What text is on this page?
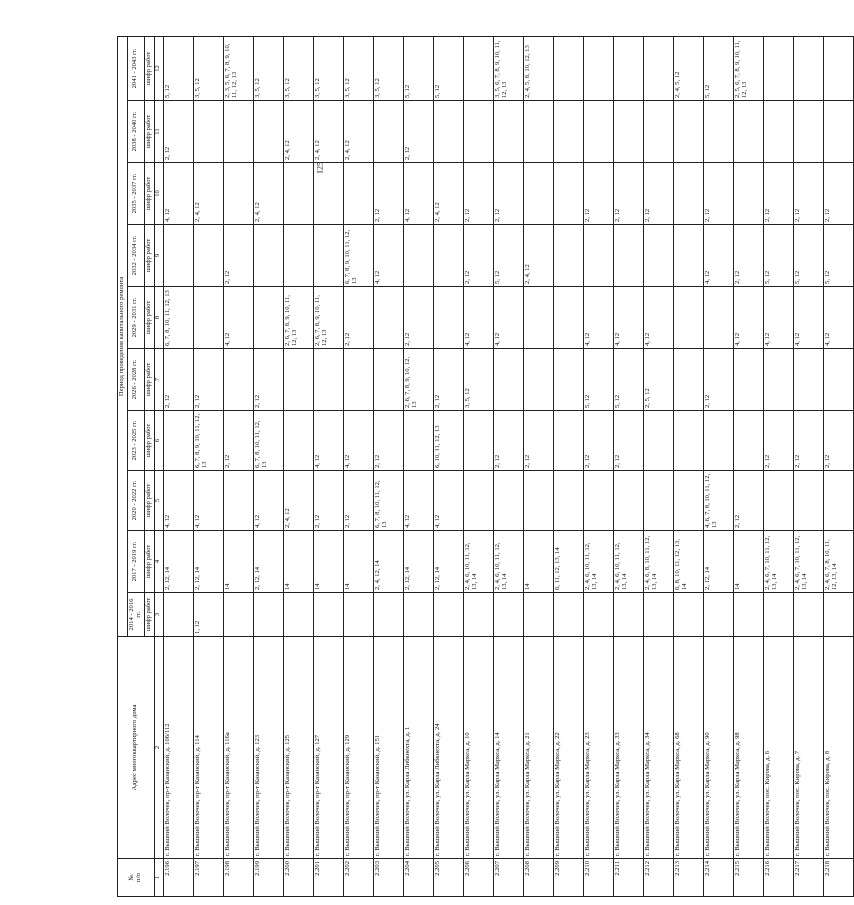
125
№
п/п	Адрес многоквартирного дома	Период проведения капитального ремонта									
		2014 - 2016 гг.	2017 - 2019 гг.	2020 - 2022 гг.	2023 - 2025 гг.	2026 - 2028 гг.	2029 - 2031 гг.	2032 - 2034 гг.	2035 - 2037 гг.	2038 - 2040 гг.	2041 - 2043 гг.
		шифр работ	шифр работ	шифр работ	шифр работ	шифр работ	шифр работ	шифр работ	шифр работ	шифр работ	шифр работ
1	2	3	4	5	6	7	8	9	10	11	12
2.196	г. Вышний Волочек, пр-т Казанский, д. 106/112		2, 12, 14	4, 12		2, 12	6, 7, 8, 10, 11, 12, 13		4, 12	2, 12	5, 12
2.197	г. Вышний Волочек, пр-т Казанский, д. 114	1, 12	2, 12, 14	4, 12	6, 7, 8, 9, 10, 11, 12, 13	2, 12			2, 4, 12		3, 5, 12
2.198	г. Вышний Волочек, пр-т Казанский, д. 116а		14		2, 12		4, 12	2, 12			2, 3, 5, 6, 7, 8, 9, 10, 11, 12, 13
2.199	г. Вышний Волочек, пр-т Казанский, д. 123		2, 12, 14	4, 12	6, 7, 8, 10, 11, 12, 13	2, 12			2, 4, 12		3, 5, 12
2.200	г. Вышний Волочек, пр-т Казанский, д. 125		14	2, 4, 12			2, 6, 7, 8, 9, 10, 11, 12, 13			2, 4, 12	3, 5, 12
2.201	г. Вышний Волочек, пр-т Казанский, д. 127		14	2, 12	4, 12		2, 6, 7, 8, 9, 10, 11, 12, 13			2, 4, 12	3, 5, 12
2.202	г. Вышний Волочек, пр-т Казанский, д. 129		14	2, 12	4, 12		2, 12	6, 7, 8, 9, 10, 11, 12, 13		2, 4, 12	3, 5, 12
2.203	г. Вышний Волочек, пр-т Казанский, д. 151		2, 4, 12, 14	6, 7, 8, 10, 11, 12, 13	2, 12			4, 12	2, 12		3, 5, 12
2.204	г. Вышний Волочек, ул. Карла Либкнехта, д. 1		2, 12, 14	4, 12		2, 6, 7, 8, 9, 10, 12, 13	2, 12		4, 12	2, 12	5, 12
2.205	г. Вышний Волочек, ул. Карла Либкнехта, д. 24		2, 12, 14	4, 12	6, 10, 11, 12, 13	2, 12			2, 4, 12		5, 12
2.206	г. Вышний Волочек, ул. Карла Маркса, д. 10		2, 4, 6, 10, 11, 12, 13, 14			3, 5, 12	4, 12	2, 12	2, 12		
2.207	г. Вышний Волочек, ул. Карла Маркса, д. 14		2, 4, 6, 10, 11, 12, 13, 14		2, 12		4, 12	5, 12	2, 12		3, 5, 6, 7, 8, 9, 10, 11, 12, 13
2.208	г. Вышний Волочек, ул. Карла Маркса, д. 21		14		2, 12			2, 4, 12			2, 4, 5, 8, 10, 12, 13
2.209	г. Вышний Волочек, ул. Карла Маркса, д. 22		6, 11, 12, 13, 14								
2.210	г. Вышний Волочек, ул. Карла Маркса, д. 23		2, 4, 6, 10, 11, 12, 13, 14		2, 12	5, 12	4, 12		2, 12		
2.211	г. Вышний Волочек, ул. Карла Маркса, д. 33		2, 4, 6, 10, 11, 12, 13, 14		2, 12	5, 12	4, 12		2, 12		
2.212	г. Вышний Волочек, ул. Карла Маркса, д. 34		2, 4, 6, 8, 10, 11, 12, 13, 14			2, 5, 12	4, 12		2, 12		
2.213	г. Вышний Волочек, ул. Карла Маркса, д. 68		6, 8, 10, 11, 12, 13, 14								2, 4, 5, 12
2.214	г. Вышний Волочек, ул. Карла Маркса, д. 90		2, 12, 14	4, 6, 7, 8, 10, 11, 12, 13		2, 12		4, 12	2, 12		5, 12
2.215	г. Вышний Волочек, ул. Карла Маркса, д. 98		14	2, 12			4, 12	2, 12			2, 5, 6, 7, 8, 9, 10, 11, 12, 13
2.216	г. Вышний Волочек, пос. Кирова, д. 6		2, 4, 6, 7, 10, 11, 12, 13, 14		2, 12		4, 12	5, 12	2, 12		
2.217	г. Вышний Волочек, пос. Кирова, д. 7		2, 4, 6, 7, 10, 11, 12, 13, 14		2, 12		4, 12	5, 12	2, 12		
2.218	г. Вышний Волочек, пос. Кирова, д. 8		2, 4, 6, 7, 8, 10, 11, 12, 13, 14		2, 12		4, 12	5, 12	2, 12		
